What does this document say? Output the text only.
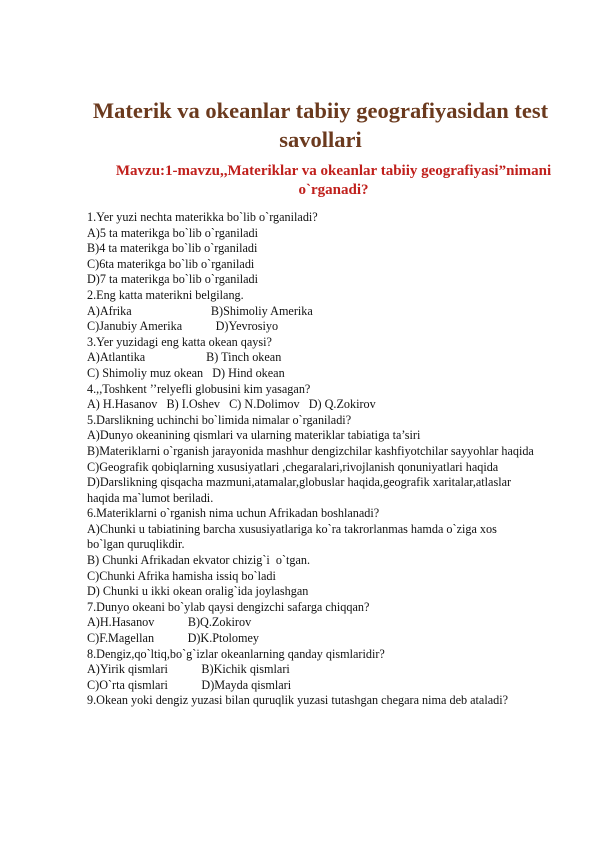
Materik va okeanlar tabiiy geografiyasidan test savollari
Mavzu:1-mavzu,,Materiklar va okeanlar tabiiy geografiyasi”nimani o`rganadi?
1.Yer yuzi nechta materikka bo`lib o`rganiladi?
A)5 ta materikga bo`lib o`rganiladi
B)4 ta materikga bo`lib o`rganiladi
C)6ta materikga bo`lib o`rganiladi
D)7 ta materikga bo`lib o`rganiladi
2.Eng katta materikni belgilang.
A)Afrika                          B)Shimoliy Amerika
C)Janubiy Amerika           D)Yevrosiyo
3.Yer yuzidagi eng katta okean qaysi?
A)Atlantika                    B) Tinch okean
C) Shimoliy muz okean   D) Hind okean
4.,,Toshkent ’’relyefli globusini kim yasagan?
A) H.Hasanov   B) I.Oshev   C) N.Dolimov   D) Q.Zokirov
5.Darslikning uchinchi bo`limida nimalar o`rganiladi?
A)Dunyo okeanining qismlari va ularning materiklar tabiatiga ta’siri
B)Materiklarni o`rganish jarayonida mashhur dengizchilar kashfiyotchilar sayyohlar haqida
C)Geografik qobiqlarning xususiyatlari ,chegaralari,rivojlanish qonuniyatlari haqida
D)Darslikning qisqacha mazmuni,atamalar,globuslar haqida,geografik xaritalar,atlaslar haqida ma`lumot beriladi.
6.Materiklarni o`rganish nima uchun Afrikadan boshlanadi?
A)Chunki u tabiatining barcha xususiyatlariga ko`ra takrorlanmas hamda o`ziga xos bo`lgan quruqlikdir.
B) Chunki Afrikadan ekvator chizig`i  o`tgan.
C)Chunki Afrika hamisha issiq bo`ladi
D) Chunki u ikki okean oralig`ida joylashgan
7.Dunyo okeani bo`ylab qaysi dengizchi safarga chiqqan?
A)H.Hasanov           B)Q.Zokirov
C)F.Magellan           D)K.Ptolomey
8.Dengiz,qo`ltiq,bo`g`izlar okeanlarning qanday qismlaridir?
A)Yirik qismlari           B)Kichik qismlari
C)O`rta qismlari           D)Mayda qismlari
9.Okean yoki dengiz yuzasi bilan quruqlik yuzasi tutashgan chegara nima deb ataladi?
